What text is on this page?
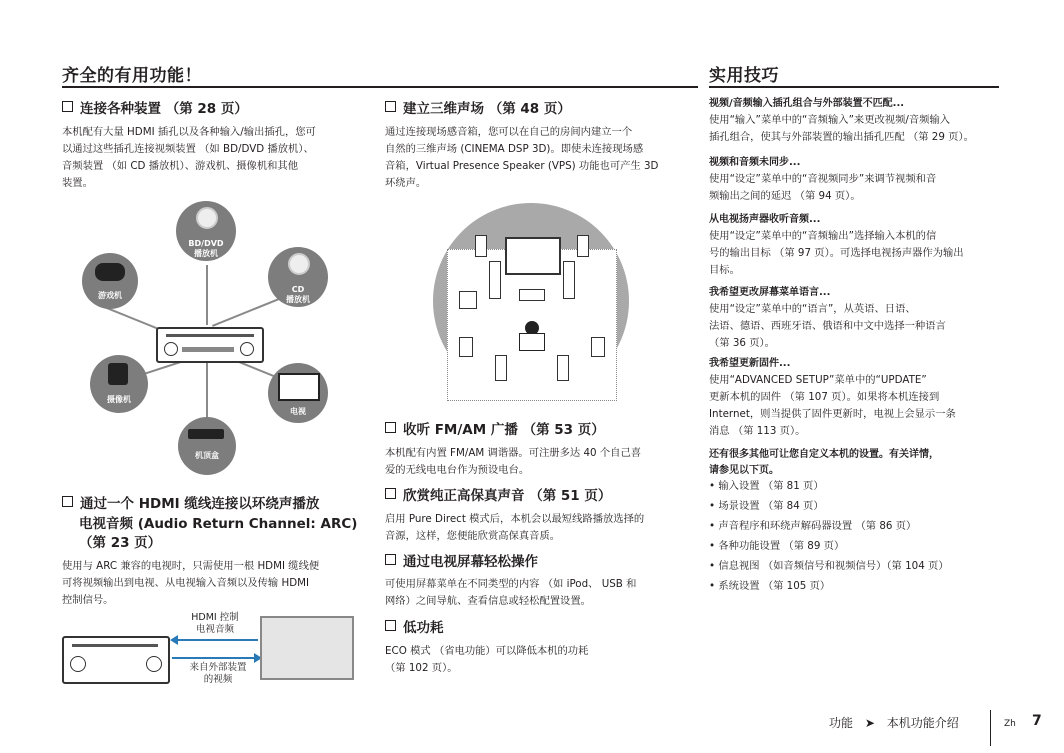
齐全的有用功能！	实用技巧
连接各种装置 （第 28 页）
本机配有大量 HDMI 插孔以及各种输入/输出插孔，您可
以通过这些插孔连接视频装置 （如 BD/DVD 播放机）、
音频装置 （如 CD 播放机）、游戏机、摄像机和其他
装置。
BD/DVD
播放机
游戏机
CD
播放机
摄像机
电视
机顶盒
通过一个 HDMI 缆线连接以环绕声播放
电视音频 (Audio Return Channel: ARC)
（第 23 页）
使用与 ARC 兼容的电视时，只需使用一根 HDMI 缆线便
可将视频输出到电视、从电视输入音频以及传输 HDMI
控制信号。
HDMI 控制
电视音频
来自外部装置
的视频
建立三维声场 （第 48 页）
通过连接现场感音箱，您可以在自己的房间内建立一个
自然的三维声场 (CINEMA DSP 3D)。即使未连接现场感
音箱，Virtual Presence Speaker (VPS) 功能也可产生 3D
环绕声。
收听 FM/AM 广播 （第 53 页）
本机配有内置 FM/AM 调谐器。可注册多达 40 个自己喜
爱的无线电电台作为预设电台。
欣赏纯正高保真声音 （第 51 页）
启用 Pure Direct 模式后，本机会以最短线路播放选择的
音源，这样，您便能欣赏高保真音质。
通过电视屏幕轻松操作
可使用屏幕菜单在不同类型的内容 （如 iPod、 USB 和
网络）之间导航、查看信息或轻松配置设置。
低功耗
ECO 模式 （省电功能）可以降低本机的功耗
（第 102 页）。
视频/音频输入插孔组合与外部装置不匹配...
使用“输入”菜单中的“音频输入”来更改视频/音频输入
插孔组合，使其与外部装置的输出插孔匹配 （第 29 页）。
视频和音频未同步...
使用“设定”菜单中的“音视频同步”来调节视频和音
频输出之间的延迟 （第 94 页）。
从电视扬声器收听音频...
使用“设定”菜单中的“音频输出”选择输入本机的信
号的输出目标 （第 97 页）。可选择电视扬声器作为输出
目标。
我希望更改屏幕菜单语言...
使用“设定”菜单中的“语言”，从英语、日语、
法语、德语、西班牙语、俄语和中文中选择一种语言
（第 36 页）。
我希望更新固件...
使用“ADVANCED SETUP”菜单中的“UPDATE”
更新本机的固件 （第 107 页）。如果将本机连接到
Internet，则当提供了固件更新时，电视上会显示一条
消息 （第 113 页）。
还有很多其他可让您自定义本机的设置。有关详情，
请参见以下页。
• 输入设置 （第 81 页）
• 场景设置 （第 84 页）
• 声音程序和环绕声解码器设置 （第 86 页）
• 各种功能设置 （第 89 页）
• 信息视图 （如音频信号和视频信号）（第 104 页）
• 系统设置 （第 105 页）
功能 ➤ 本机功能介绍	Zh 7
